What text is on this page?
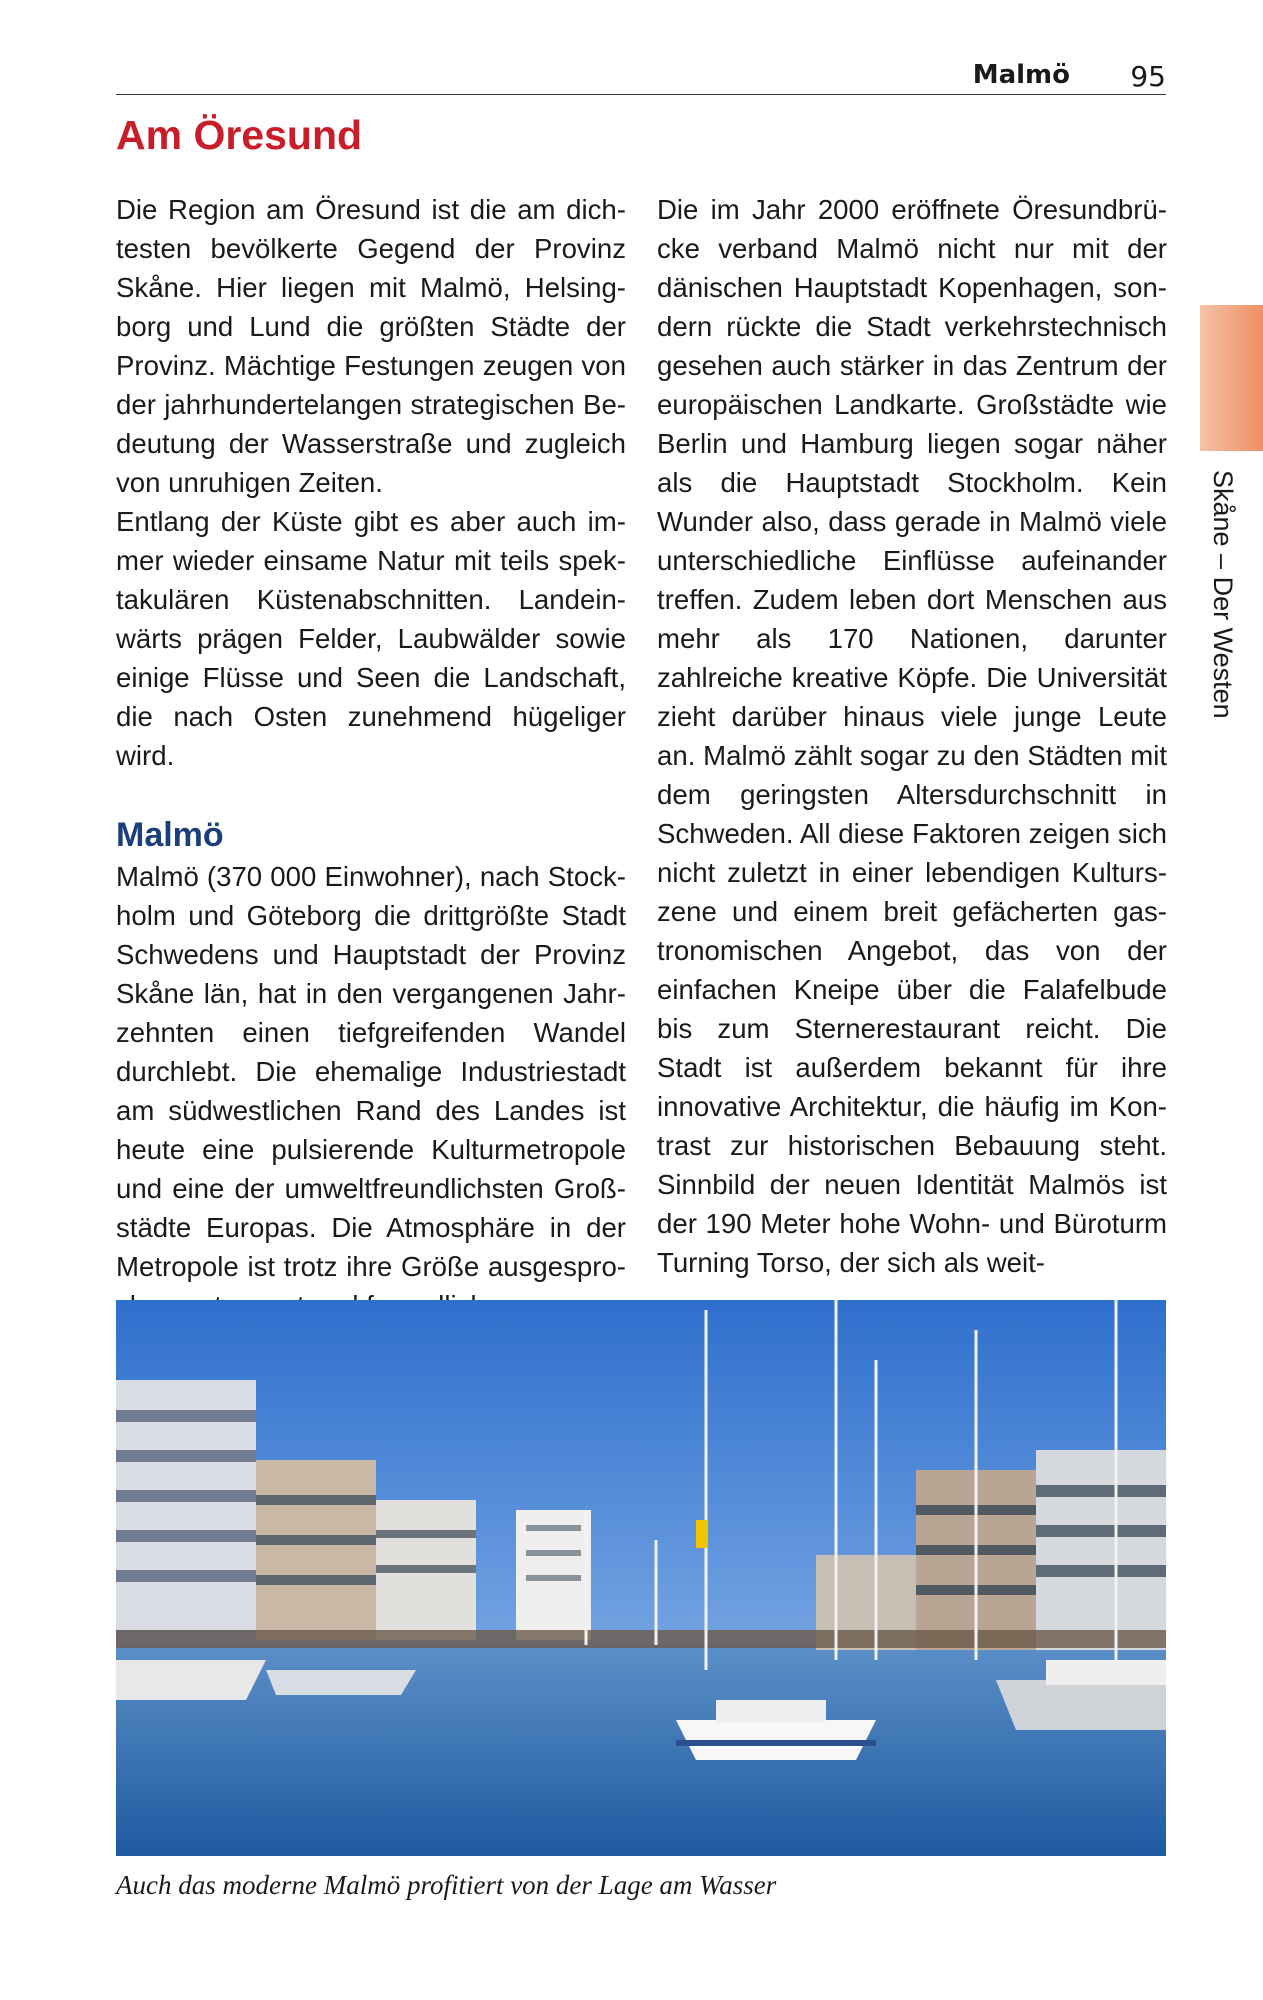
Malmö 95
Skåne – Der Westen
Am Öresund

Die Region am Öresund ist die am dichtesten bevölkerte Gegend der Provinz Skåne. Hier liegen mit Malmö, Helsingborg und Lund die größten Städte der Provinz. Mächtige Festungen zeugen von der jahrhundertelangen strategischen Bedeutung der Wasserstraße und zugleich von unruhigen Zeiten.

Entlang der Küste gibt es aber auch immer wieder einsame Natur mit teils spektakulären Küstenabschnitten. Landeinwärts prägen Felder, Laubwälder sowie einige Flüsse und Seen die Landschaft, die nach Osten zunehmend hügeliger wird.

Malmö

Malmö (370 000 Einwohner), nach Stockholm und Göteborg die drittgrößte Stadt Schwedens und Hauptstadt der Provinz Skåne län, hat in den vergangenen Jahrzehnten einen tiefgreifenden Wandel durchlebt. Die ehemalige Industriestadt am südwestlichen Rand des Landes ist heute eine pulsierende Kulturmetropole und eine der umweltfreundlichsten Großstädte Europas. Die Atmosphäre in der Metropole ist trotz ihre Größe ausgespro

Die im Jahr 2000 eröffnete Öresundbrücke verband Malmö nicht nur mit der dänischen Hauptstadt Kopenhagen, sondern rückte die Stadt verkehrstechnisch gesehen auch stärker in das Zentrum der europäischen Landkarte. Großstädte wie Berlin und Hamburg liegen sogar näher als die Hauptstadt Stockholm. Kein Wunder also, dass gerade in Malmö viele unterschiedliche Einflüsse aufeinander treffen. Zudem leben dort Menschen aus mehr als 170 Nationen, darunter zahlreiche kreative Köpfe. Die Universität zieht darüber hinaus viele junge Leute an. Malmö zählt sogar zu den Städten mit dem geringsten Altersdurchschnitt in Schweden. All diese Faktoren zeigen sich nicht zuletzt in einer lebendigen Kulturszene und einem breit gefächerten gastronomischen Angebot, das von der einfachen Kneipe über die Falafelbude bis zum Sternerestaurant reicht. Die Stadt ist außerdem bekannt für ihre innovative Architektur, die häufig im Kontrast zur historischen Bebauung steht. Sinnbild der neuen Identität Malmös ist der 190 Meter hohe Wohn- und Büroturm Turning Torso, der sich als weit-

Auch das moderne Malmö profitiert von der Lage am Wasser
